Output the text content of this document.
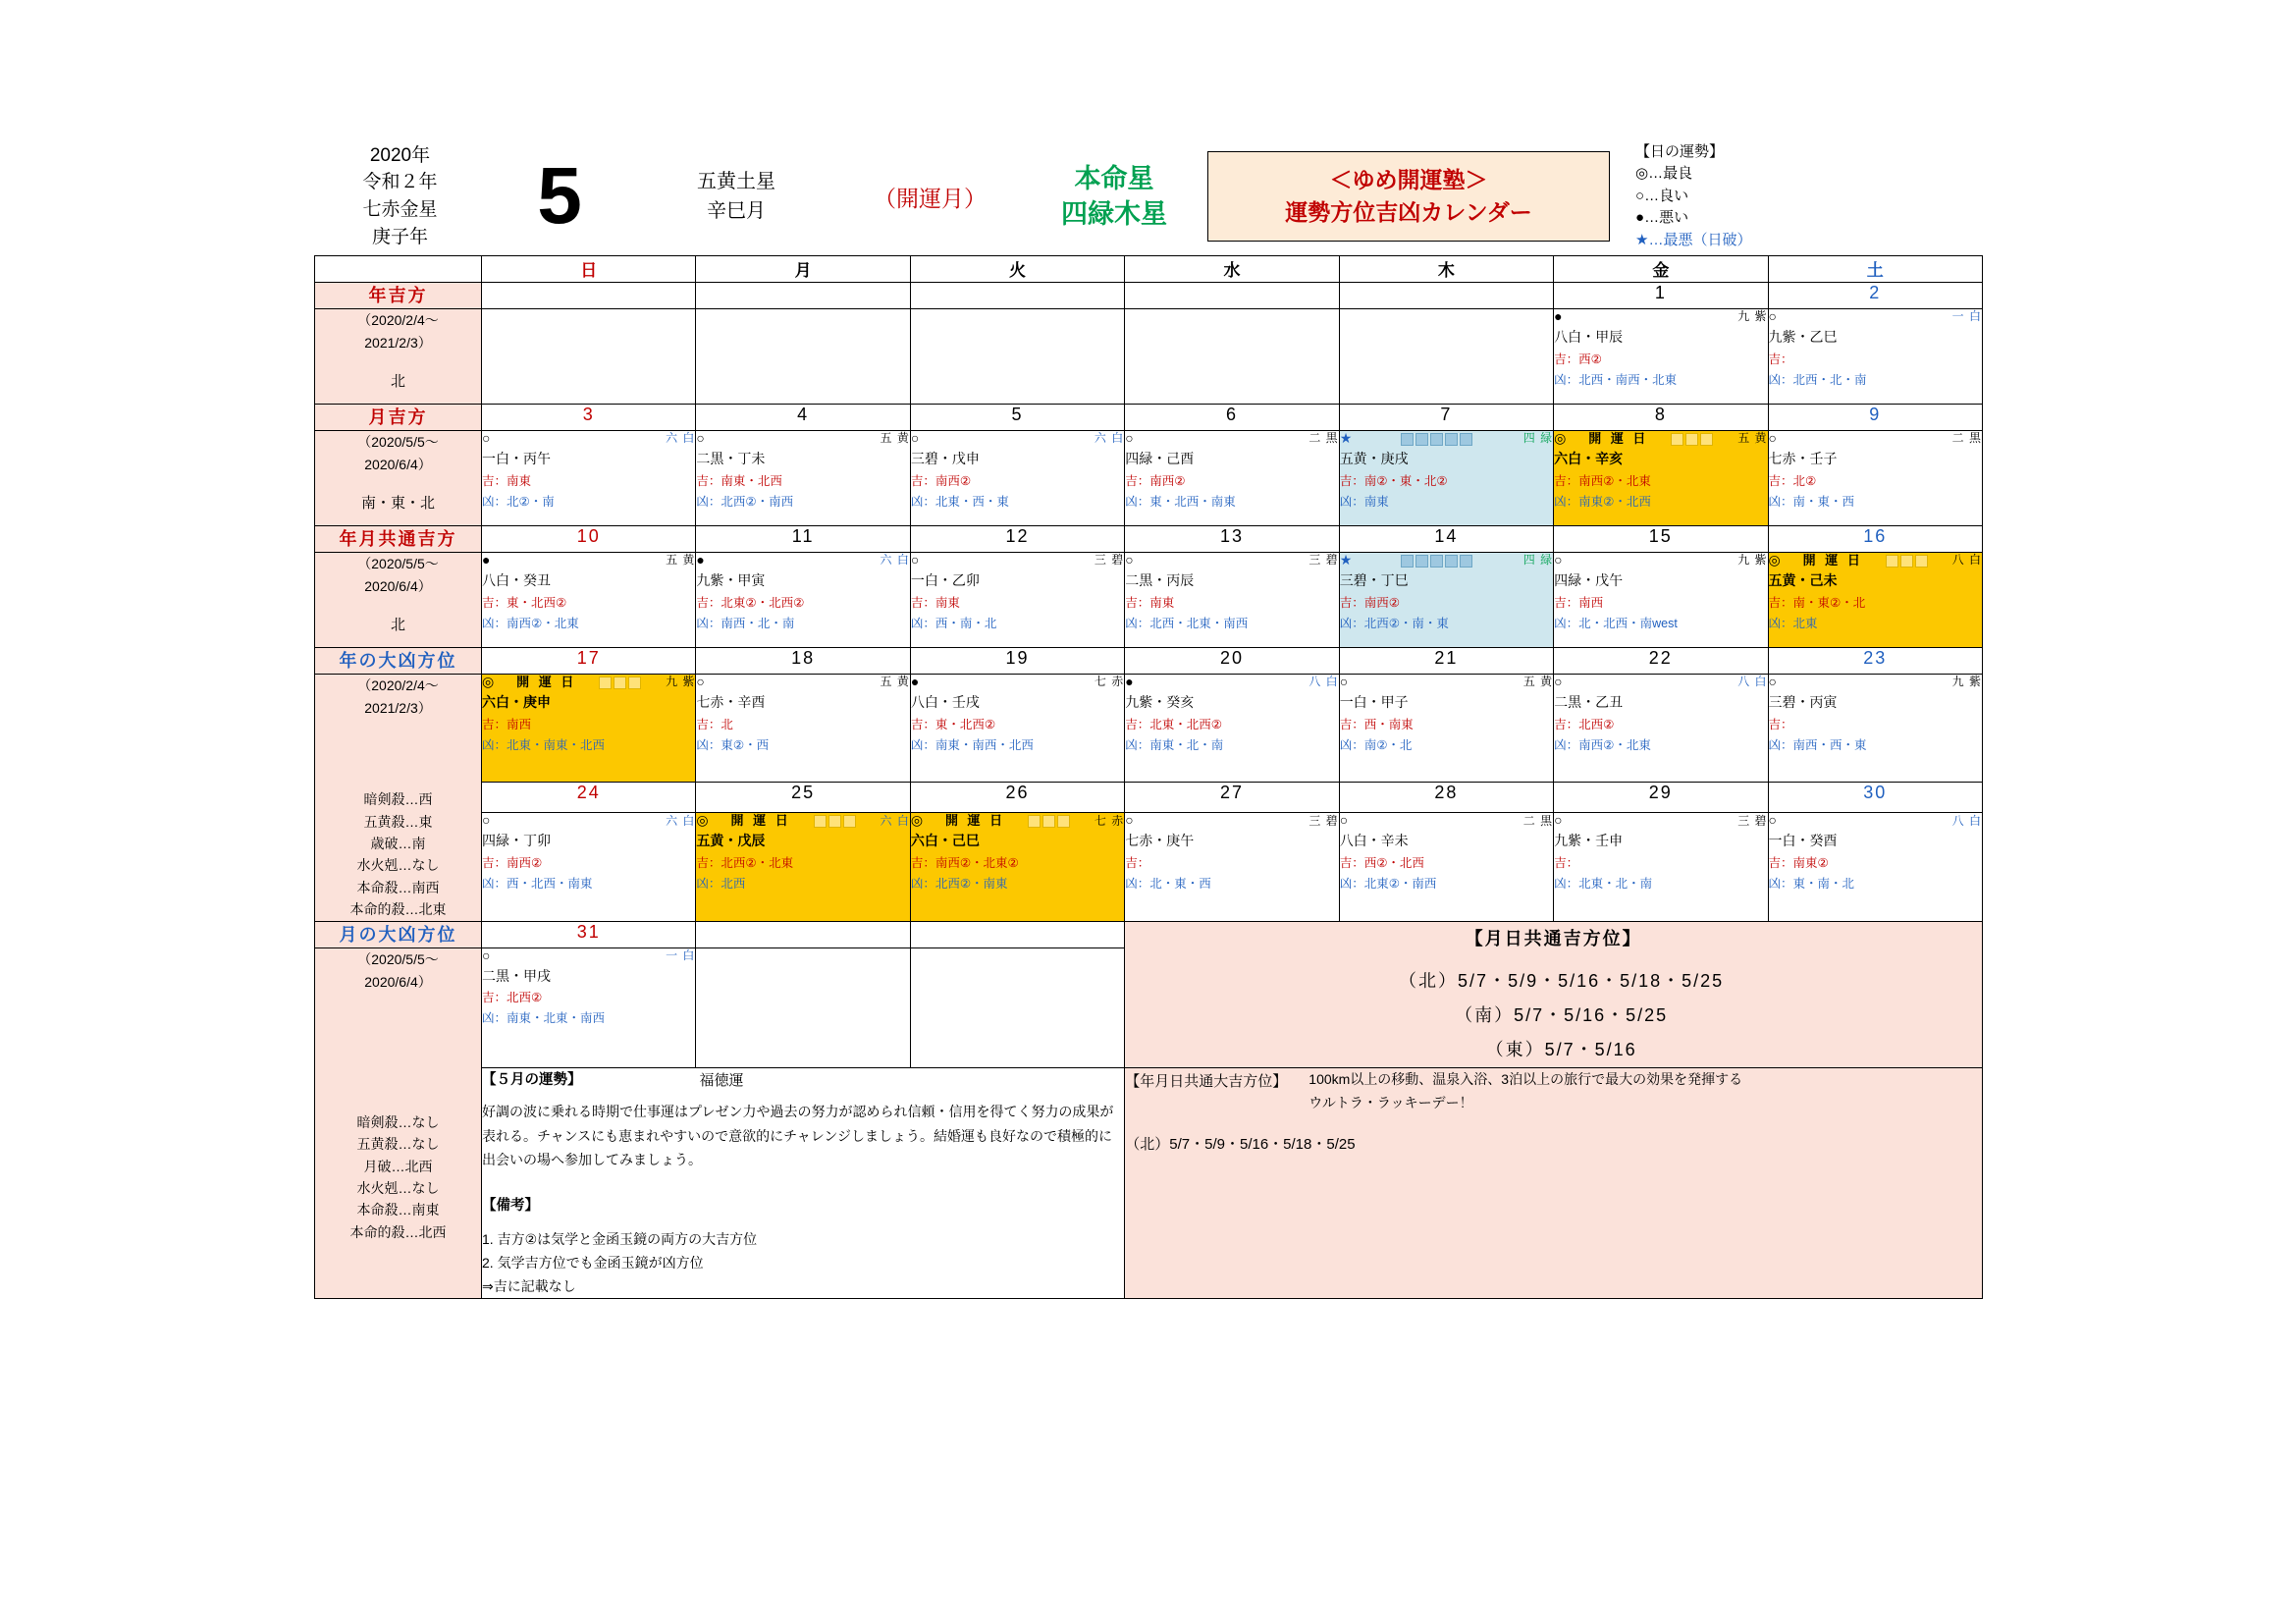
2020年
令和２年
七赤金星
庚子年	5	五黄土星
辛巳月
（開運月）
本命星
四緑木星
＜ゆめ開運塾＞
運勢方位吉凶カレンダー
【日の運勢】
◎…最良
○…良い
●…悪い
★…最悪（日破）
	日	月	火	水	木	金	土
年吉方						1	2

（2020/2/4〜
2021/2/3）
北

●	九 紫
八白・甲辰
吉：西②
凶：北西・南西・北東

○	一 白
九紫・乙巳
吉：
凶：北西・北・南

月吉方	3	4	5	6	7	8	9

（2020/5/5〜
2020/6/4）
南・東・北

○	六 白
一白・丙午
吉：南東
凶：北②・南

○	五 黄
二黒・丁未
吉：南東・北西
凶：北西②・南西

○	六 白
三碧・戊申
吉：南西②
凶：北東・西・東

○	二 黒
四緑・己酉
吉：南西②
凶：東・北西・南東

★	四 緑
五黄・庚戌
吉：南②・東・北②
凶：南東

◎ 開 運 日	五 黄
六白・辛亥
吉：南西②・北東
凶：南東②・北西

○	二 黒
七赤・壬子
吉：北②
凶：南・東・西

年月共通吉方	10	11	12	13	14	15	16

（2020/5/5〜
2020/6/4）
北

●	五 黄
八白・癸丑
吉：東・北西②
凶：南西②・北東

●	六 白
九紫・甲寅
吉：北東②・北西②
凶：南西・北・南

○	三 碧
一白・乙卯
吉：南東
凶：西・南・北

○	三 碧
二黒・丙辰
吉：南東
凶：北西・北東・南西

★	四 緑
三碧・丁巳
吉：南西②
凶：北西②・南・東

○	九 紫
四緑・戊午
吉：南西
凶：北・北西・南west

◎ 開 運 日	八 白
五黄・己未
吉：南・東②・北
凶：北東

年の大凶方位	17	18	19	20	21	22	23

（2020/2/4〜
2021/2/3）
暗剣殺…西
五黄殺…東
歳破…南
水火剋…なし
本命殺…南西
本命的殺…北東

◎ 開 運 日	九 紫
六白・庚申
吉：南西
凶：北東・南東・北西

○	五 黄
七赤・辛酉
吉：北
凶：東②・西

●	七 赤
八白・壬戌
吉：東・北西②
凶：南東・南西・北西

●	八 白
九紫・癸亥
吉：北東・北西②
凶：南東・北・南

○	五 黄
一白・甲子
吉：西・南東
凶：南②・北

○	八 白
二黒・乙丑
吉：北西②
凶：南西②・北東

○	九 紫
三碧・丙寅
吉：
凶：南西・西・東

	24	25	26	27	28	29	30

○	六 白
四緑・丁卯
吉：南西②
凶：西・北西・南東

◎ 開 運 日	六 白
五黄・戊辰
吉：北西②・北東
凶：北西

◎ 開 運 日	七 赤
六白・己巳
吉：南西②・北東②
凶：北西②・南東

○	三 碧
七赤・庚午
吉：
凶：北・東・西

○	二 黒
八白・辛未
吉：西②・北西
凶：北東②・南西

○	三 碧
九紫・壬申
吉：
凶：北東・北・南

○	八 白
一白・癸酉
吉：南東②
凶：東・南・北

月の大凶方位	31			【月日共通吉方位】
（北）5/7・5/9・5/16・5/18・5/25
（南）5/7・5/16・5/25
（東）5/7・5/16			

（2020/5/5〜
2020/6/4）
暗剣殺…なし
五黄殺…なし
月破…北西
水火剋…なし
本命殺…南東
本命的殺…北西

○	一 白
二黒・甲戌
吉：北西②
凶：南東・北東・南西

【５月の運勢】	福徳運
好調の波に乗れる時期で仕事運はプレゼン力や過去の努力が認められ信頼・信用を得てく努力の成果が表れる。チャンスにも恵まれやすいので意欲的にチャレンジしましょう。結婚運も良好なので積極的に出会いの場へ参加してみましょう。
【備考】
1. 吉方②は気学と金函玉鏡の両方の大吉方位
2. 気学吉方位でも金函玉鏡が凶方位
⇒吉に記載なし

【年月日共通大吉方位】 100km以上の移動、温泉入浴、3泊以上の旅行で最大の効果を発揮する
ウルトラ・ラッキーデー！
（北）5/7・5/9・5/16・5/18・5/25
